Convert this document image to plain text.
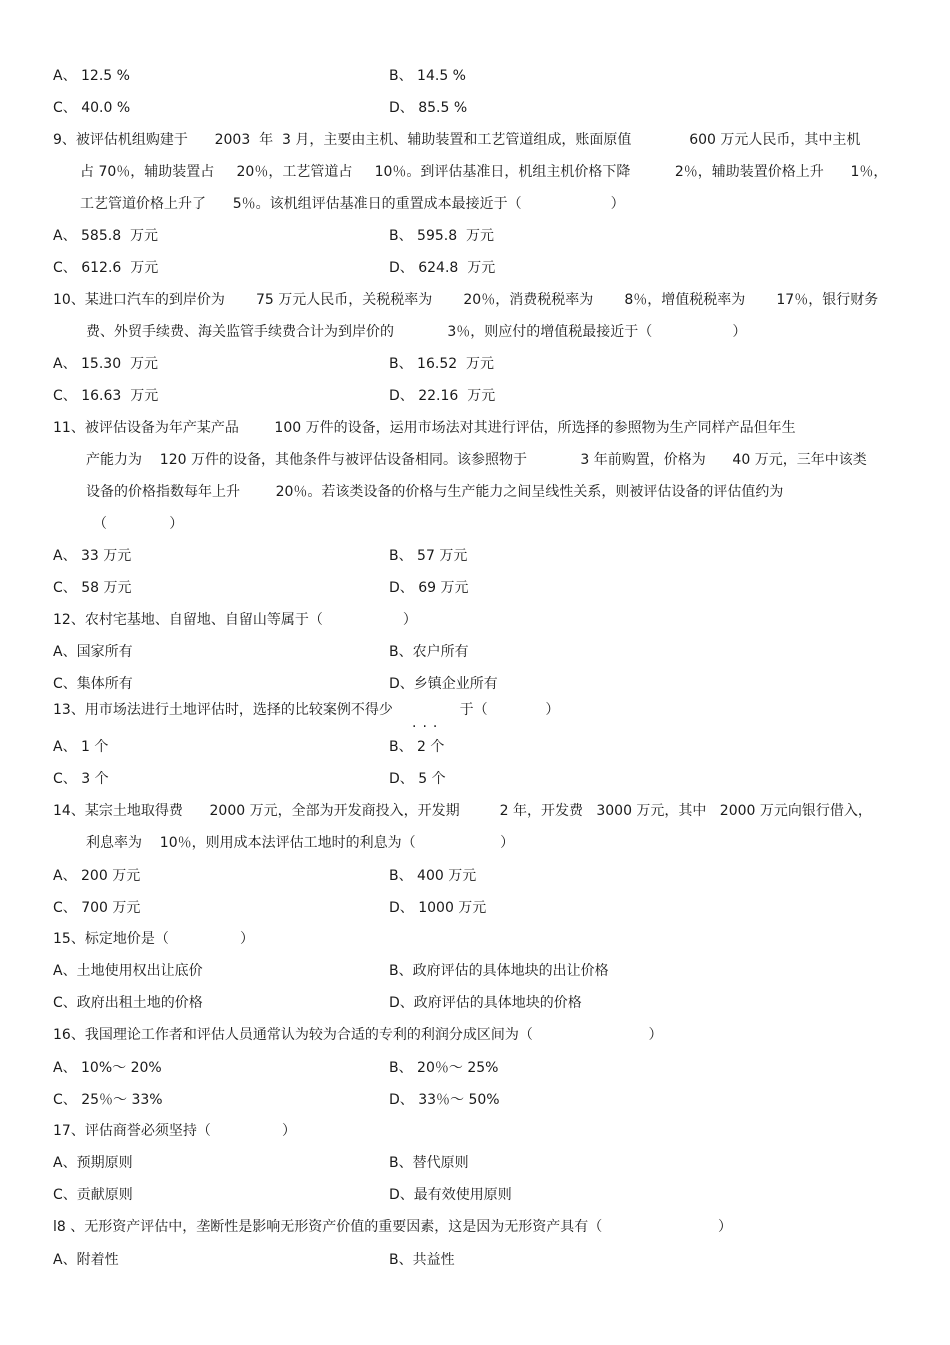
A、 12.5 %	B、 14.5 %
C、 40.0 %	D、 85.5 %
9、被评估机组购建于      2003  年  3 月，主要由主机、辅助装置和工艺管道组成，账面原值             600 万元人民币，其中主机
占 70％，辅助装置占     20％，工艺管道占     10％。到评估基准日，机组主机价格下降          2％，辅助装置价格上升      1％，
工艺管道价格上升了      5％。该机组评估基准日的重置成本最接近于（                    ）
A、 585.8  万元	B、 595.8  万元
C、 612.6  万元	D、 624.8  万元
10、某进口汽车的到岸价为       75 万元人民币，关税税率为       20％，消费税税率为       8％，增值税税率为       17％，银行财务
费、外贸手续费、海关监管手续费合计为到岸价的            3％，则应付的增值税最接近于（                  ）
A、 15.30  万元	B、 16.52  万元
C、 16.63  万元	D、 22.16  万元
11、被评估设备为年产某产品        100 万件的设备，运用市场法对其进行评估，所选择的参照物为生产同样产品但年生
产能力为    120 万件的设备，其他条件与被评估设备相同。该参照物于            3 年前购置，价格为      40 万元，三年中该类
设备的价格指数每年上升        20％。若该类设备的价格与生产能力之间呈线性关系，则被评估设备的评估值约为
（              ）
A、 33 万元	B、 57 万元
C、 58 万元	D、 69 万元
12、农村宅基地、自留地、自留山等属于（                  ）
A、国家所有	B、农户所有
C、集体所有	D、乡镇企业所有
13、用市场法进行土地评估时，选择的比较案例不得少               于（             ）
...
A、 1 个	B、 2 个
C、 3 个	D、 5 个
14、某宗土地取得费      2000 万元，全部为开发商投入，开发期         2 年，开发费   3000 万元，其中   2000 万元向银行借入，
利息率为    10％，则用成本法评估工地时的利息为（                   ）
A、 200 万元	B、 400 万元
C、 700 万元	D、 1000 万元
15、标定地价是（                ）
A、土地使用权出让底价	B、政府评估的具体地块的出让价格
C、政府出租土地的价格	D、政府评估的具体地块的价格
16、我国理论工作者和评估人员通常认为较为合适的专利的利润分成区间为（                          ）
A、 10%～ 20%	B、 20％～ 25%
C、 25％～ 33%	D、 33％～ 50%
17、评估商誉必须坚持（                ）
A、预期原则	B、替代原则
C、贡献原则	D、最有效使用原则
l8 、无形资产评估中，垄断性是影响无形资产价值的重要因素，这是因为无形资产具有（                          ）
A、附着性	B、共益性
